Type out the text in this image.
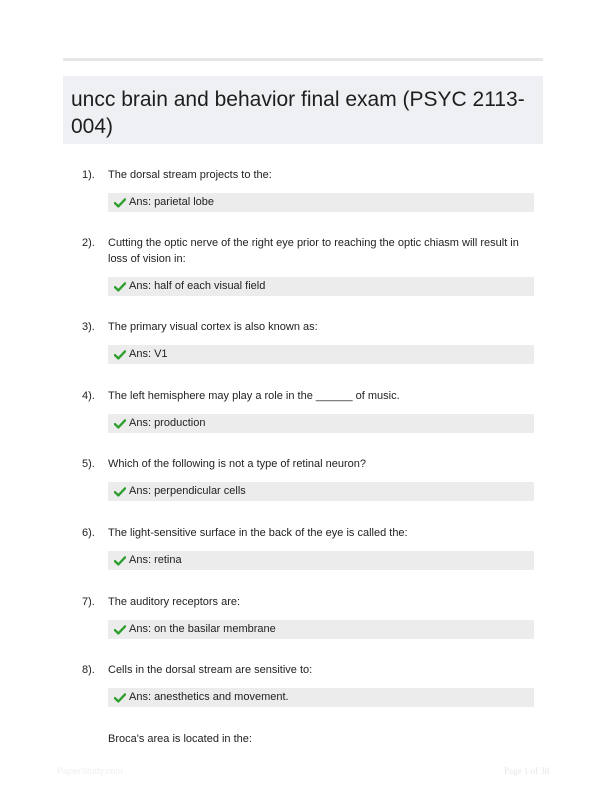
uncc brain and behavior final exam (PSYC 2113-004)
1). The dorsal stream projects to the:
Ans: parietal lobe
2). Cutting the optic nerve of the right eye prior to reaching the optic chiasm will result in loss of vision in:
Ans: half of each visual field
3). The primary visual cortex is also known as:
Ans: V1
4). The left hemisphere may play a role in the ______ of music.
Ans: production
5). Which of the following is not a type of retinal neuron?
Ans: perpendicular cells
6). The light-sensitive surface in the back of the eye is called the:
Ans: retina
7). The auditory receptors are:
Ans: on the basilar membrane
8). Cells in the dorsal stream are sensitive to:
Ans: anesthetics and movement.
Broca's area is located in the:
PaperStudy.com	Page 1 of 38
